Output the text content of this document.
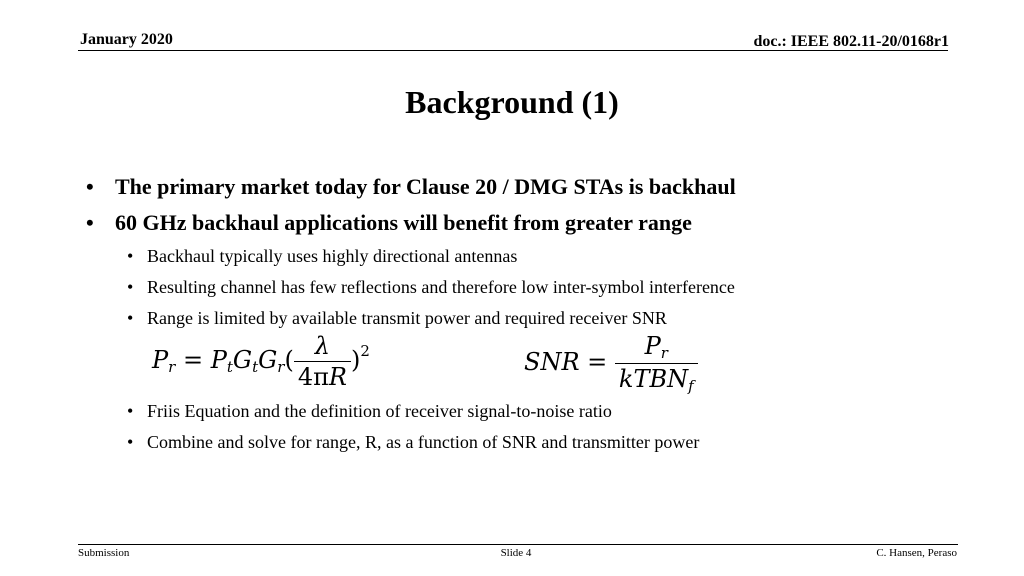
January 2020	doc.: IEEE 802.11-20/0168r1
Background (1)
• The primary market today for Clause 20 / DMG STAs is backhaul
• 60 GHz backhaul applications will benefit from greater range
• Backhaul typically uses highly directional antennas
• Resulting channel has few reflections and therefore low inter-symbol interference
• Range is limited by available transmit power and required receiver SNR
• Friis Equation and the definition of receiver signal-to-noise ratio
• Combine and solve for range, R, as a function of SNR and transmitter power
$P_r = P_tG_tG_r( \frac{\lambda}{4\pi R} )^2$	SNR = $\frac{P_r}{kTBN_f}$
Submission	Slide 4	C. Hansen, Peraso
